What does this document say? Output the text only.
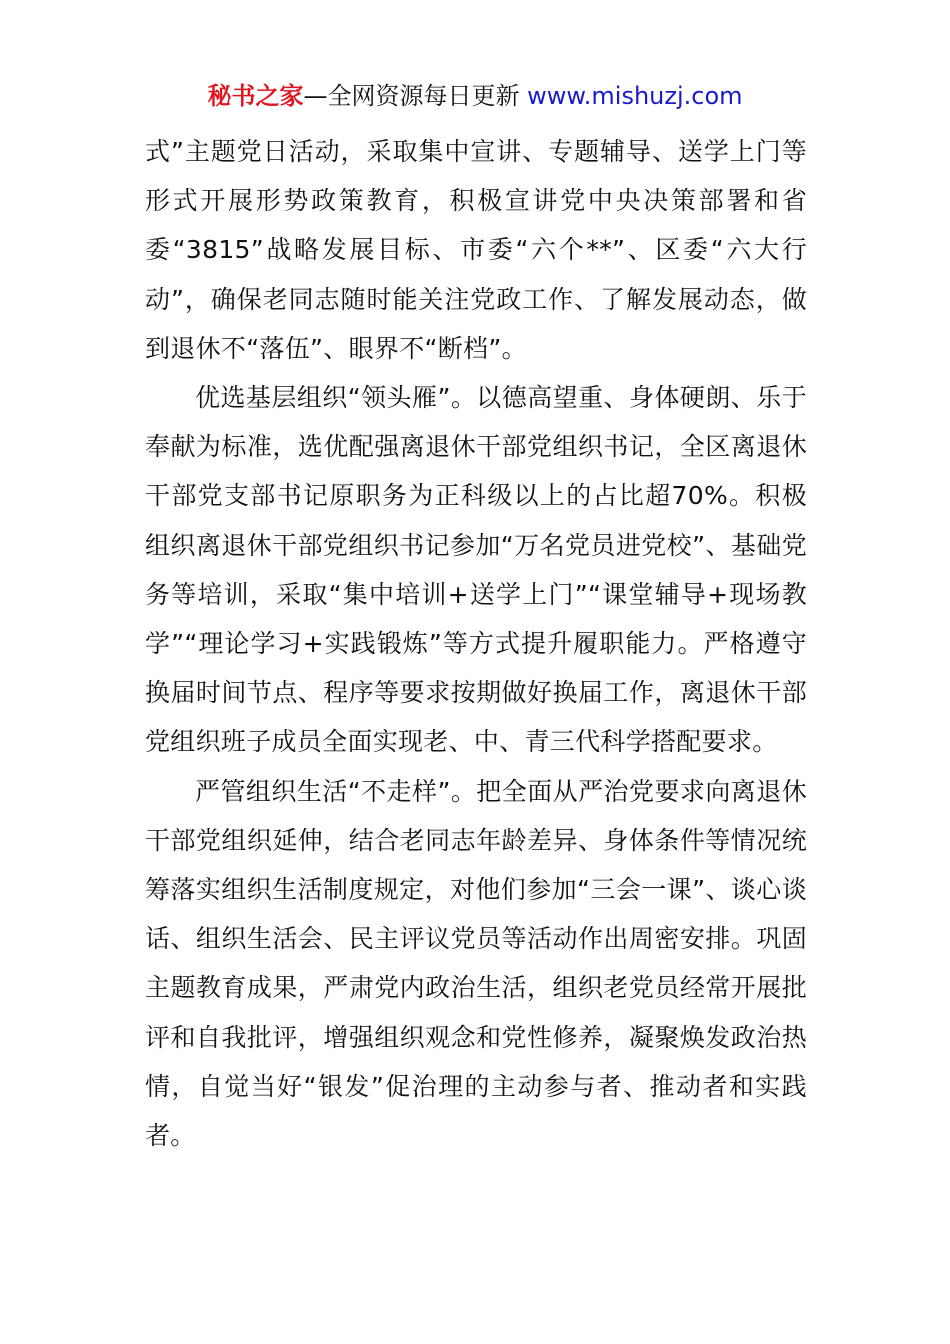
秘书之家—全网资源每日更新 www.mishuzj.com

式”主题党日活动，采取集中宣讲、专题辅导、送学上门等形式开展形势政策教育，积极宣讲党中央决策部署和省委“3815”战略发展目标、市委“六个**”、区委“六大行动”，确保老同志随时能关注党政工作、了解发展动态，做到退休不“落伍”、眼界不“断档”。

优选基层组织“领头雁”。以德高望重、身体硬朗、乐于奉献为标准，选优配强离退休干部党组织书记，全区离退休干部党支部书记原职务为正科级以上的占比超70%。积极组织离退休干部党组织书记参加“万名党员进党校”、基础党务等培训，采取“集中培训+送学上门”“课堂辅导+现场教学”“理论学习+实践锻炼”等方式提升履职能力。严格遵守换届时间节点、程序等要求按期做好换届工作，离退休干部党组织班子成员全面实现老、中、青三代科学搭配要求。

严管组织生活“不走样”。把全面从严治党要求向离退休干部党组织延伸，结合老同志年龄差异、身体条件等情况统筹落实组织生活制度规定，对他们参加“三会一课”、谈心谈话、组织生活会、民主评议党员等活动作出周密安排。巩固主题教育成果，严肃党内政治生活，组织老党员经常开展批评和自我批评，增强组织观念和党性修养，凝聚焕发政治热情，自觉当好“银发”促治理的主动参与者、推动者和实践者。
